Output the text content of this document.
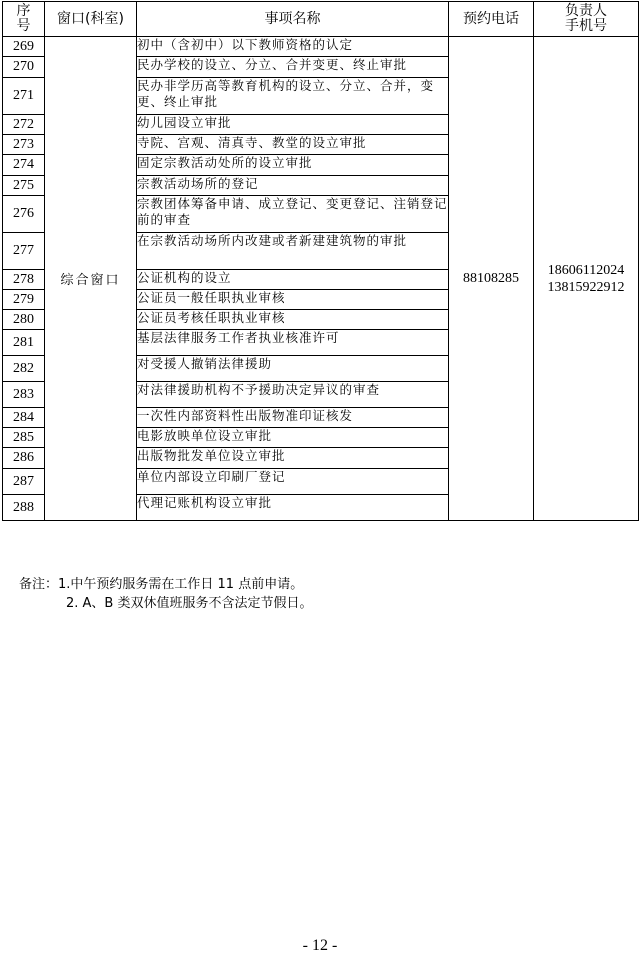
序号	窗口(科室)	事项名称	预约电话	负责人手机号
269	综合窗口	初中（含初中）以下教师资格的认定	88108285	18606112024
13815922912

270		民办学校的设立、分立、合并变更、终止审批		
271		民办非学历高等教育机构的设立、分立、合并，变更、终止审批		
272		幼儿园设立审批		
273		寺院、宫观、清真寺、教堂的设立审批		
274		固定宗教活动处所的设立审批		
275		宗教活动场所的登记		
276		宗教团体筹备申请、成立登记、变更登记、注销登记前的审查		
277		在宗教活动场所内改建或者新建建筑物的审批		
278		公证机构的设立		
279		公证员一般任职执业审核		
280		公证员考核任职执业审核		
281		基层法律服务工作者执业核准许可		
282		对受援人撤销法律援助		
283		对法律援助机构不予援助决定异议的审查		
284		一次性内部资料性出版物准印证核发		
285		电影放映单位设立审批		
286		出版物批发单位设立审批		
287		单位内部设立印刷厂登记		
288		代理记账机构设立审批		
备注：1.中午预约服务需在工作日 11 点前申请。
2. A、B 类双休值班服务不含法定节假日。
- 12 -
